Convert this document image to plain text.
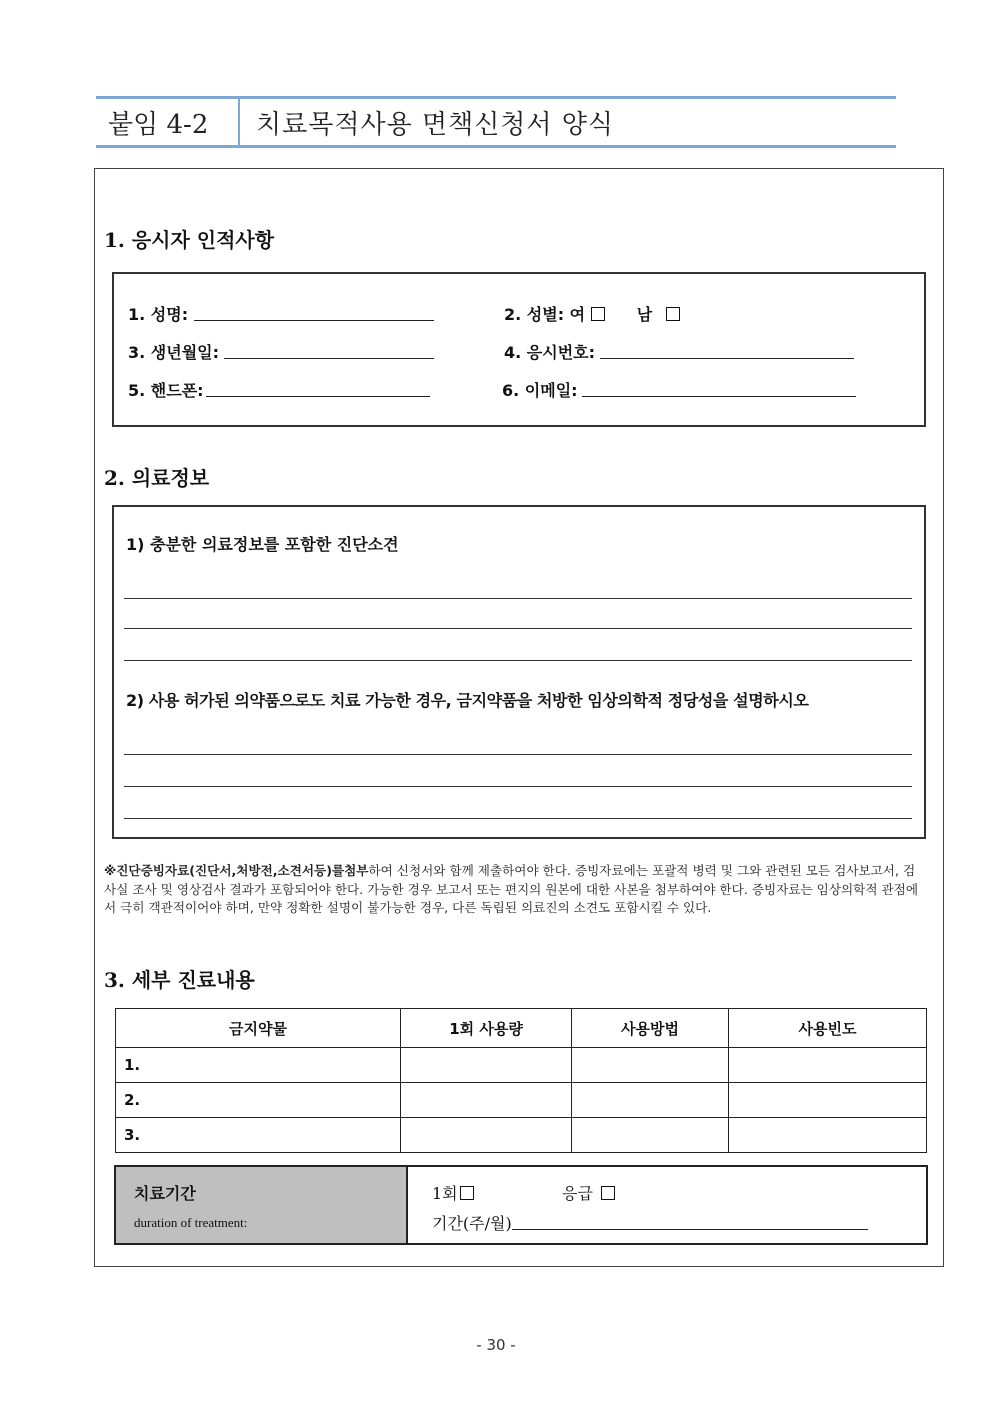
붙임 4-2 치료목적사용 면책신청서 양식
1. 응시자 인적사항
1. 성명:	2. 성별: 여	남
3. 생년월일:	4. 응시번호:
5. 핸드폰:	6. 이메일:
2. 의료정보
1) 충분한 의료정보를 포함한 진단소견
2) 사용 허가된 의약품으로도 치료 가능한 경우, 금지약품을 처방한 임상의학적 정당성을 설명하시오
※진단증빙자료(진단서,처방전,소견서등)를첨부하여 신청서와 함께 제출하여야 한다. 증빙자료에는 포괄적 병력 및 그와 관련된 모든 검사보고서, 검사실 조사 및 영상검사 결과가 포함되어야 한다. 가능한 경우 보고서 또는 편지의 원본에 대한 사본을 첨부하여야 한다. 증빙자료는 임상의학적 관점에서 극히 객관적이어야 하며, 만약 정확한 설명이 불가능한 경우, 다른 독립된 의료진의 소견도 포함시킬 수 있다.
3. 세부 진료내용
금지약물	1회 사용량	사용방법	사용빈도
1.			
2.			
3.			
치료기간
duration of treatment:
1회	응급
기간(주/월)
- 30 -
